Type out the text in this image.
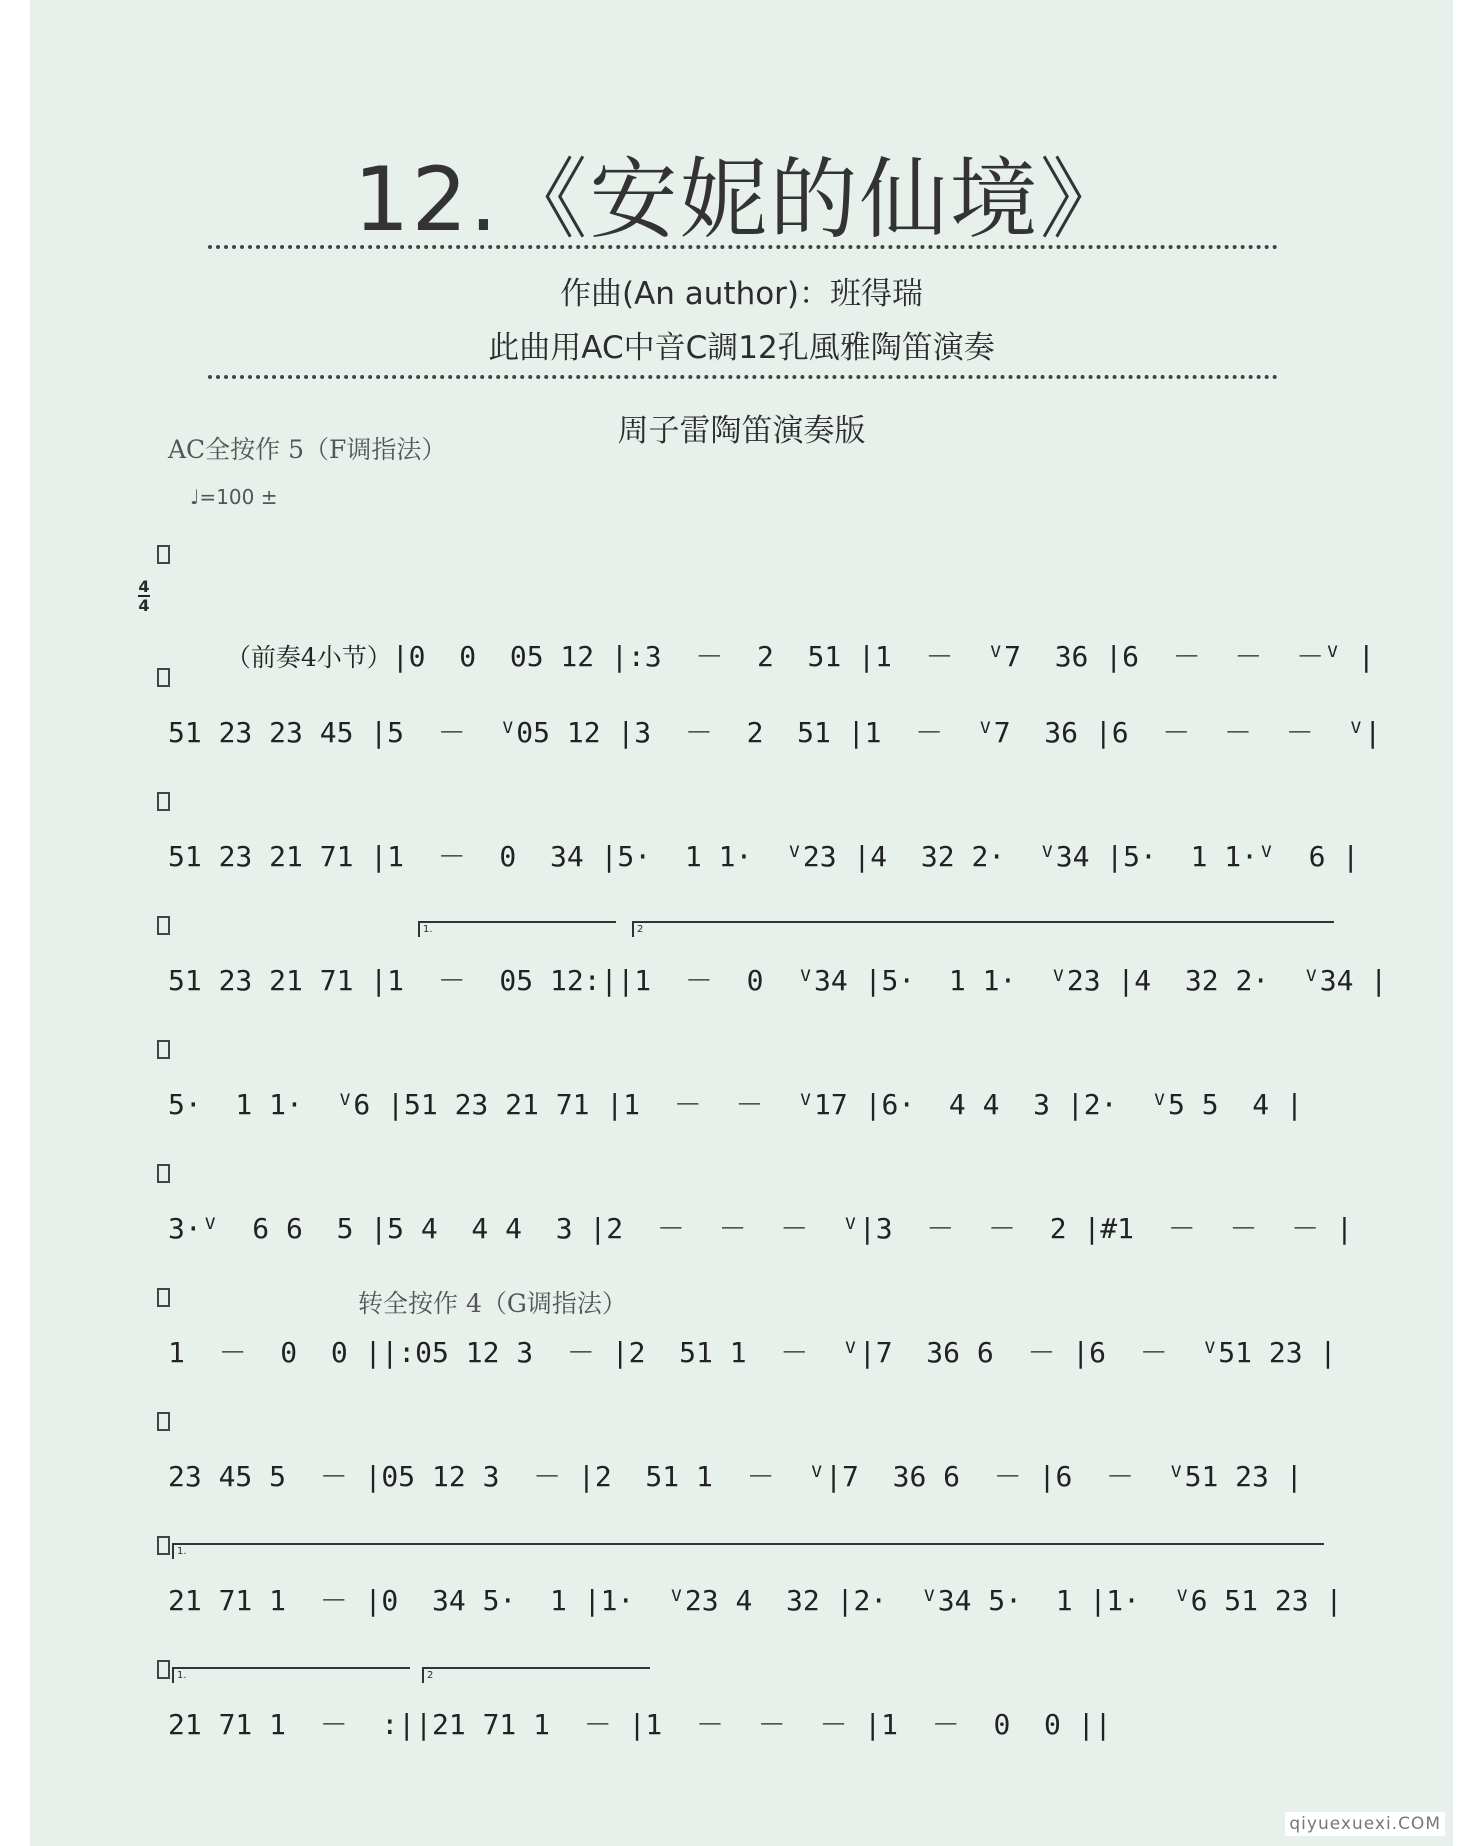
12.《安妮的仙境》
作曲(An author)：班得瑞
此曲用AC中音C調12孔風雅陶笛演奏
周子雷陶笛演奏版
AC全按作 5（F调指法）
♩=100 ±
4
4

（前奏4小节）|0  0  05 12 |:3  －  2  51 |1  －  ⱽ7  36 |6  －  －  －ⱽ |

51 23 23 45 |5  －  ⱽ05 12 |3  －  2  51 |1  －  ⱽ7  36 |6  －  －  －  ⱽ|
51 23 21 71 |1  －  0  34 |5·  1 1·  ⱽ23 |4  32 2·  ⱽ34 |5·  1 1·ⱽ  6 |
1.	2
51 23 21 71 |1  －  05 12:||1  －  0  ⱽ34 |5·  1 1·  ⱽ23 |4  32 2·  ⱽ34 |
5·  1 1·  ⱽ6 |51 23 21 71 |1  －  －  ⱽ17 |6·  4 4  3 |2·  ⱽ5 5  4 |
3·ⱽ  6 6  5 |5 4  4 4  3 |2  －  －  －  ⱽ|3  －  －  2 |#1  －  －  － |
转全按作 4（G调指法）
1  －  0  0 ||:05 12 3  － |2  51 1  －  ⱽ|7  36 6  － |6  －  ⱽ51 23 |
23 45 5  － |05 12 3  － |2  51 1  －  ⱽ|7  36 6  － |6  －  ⱽ51 23 |
1.
21 71 1  － |0  34 5·  1 |1·  ⱽ23 4  32 |2·  ⱽ34 5·  1 |1·  ⱽ6 51 23 |
1.	2
21 71 1  －  :||21 71 1  － |1  －  －  － |1  －  0  0 ||
qiyuexuexi.COM
